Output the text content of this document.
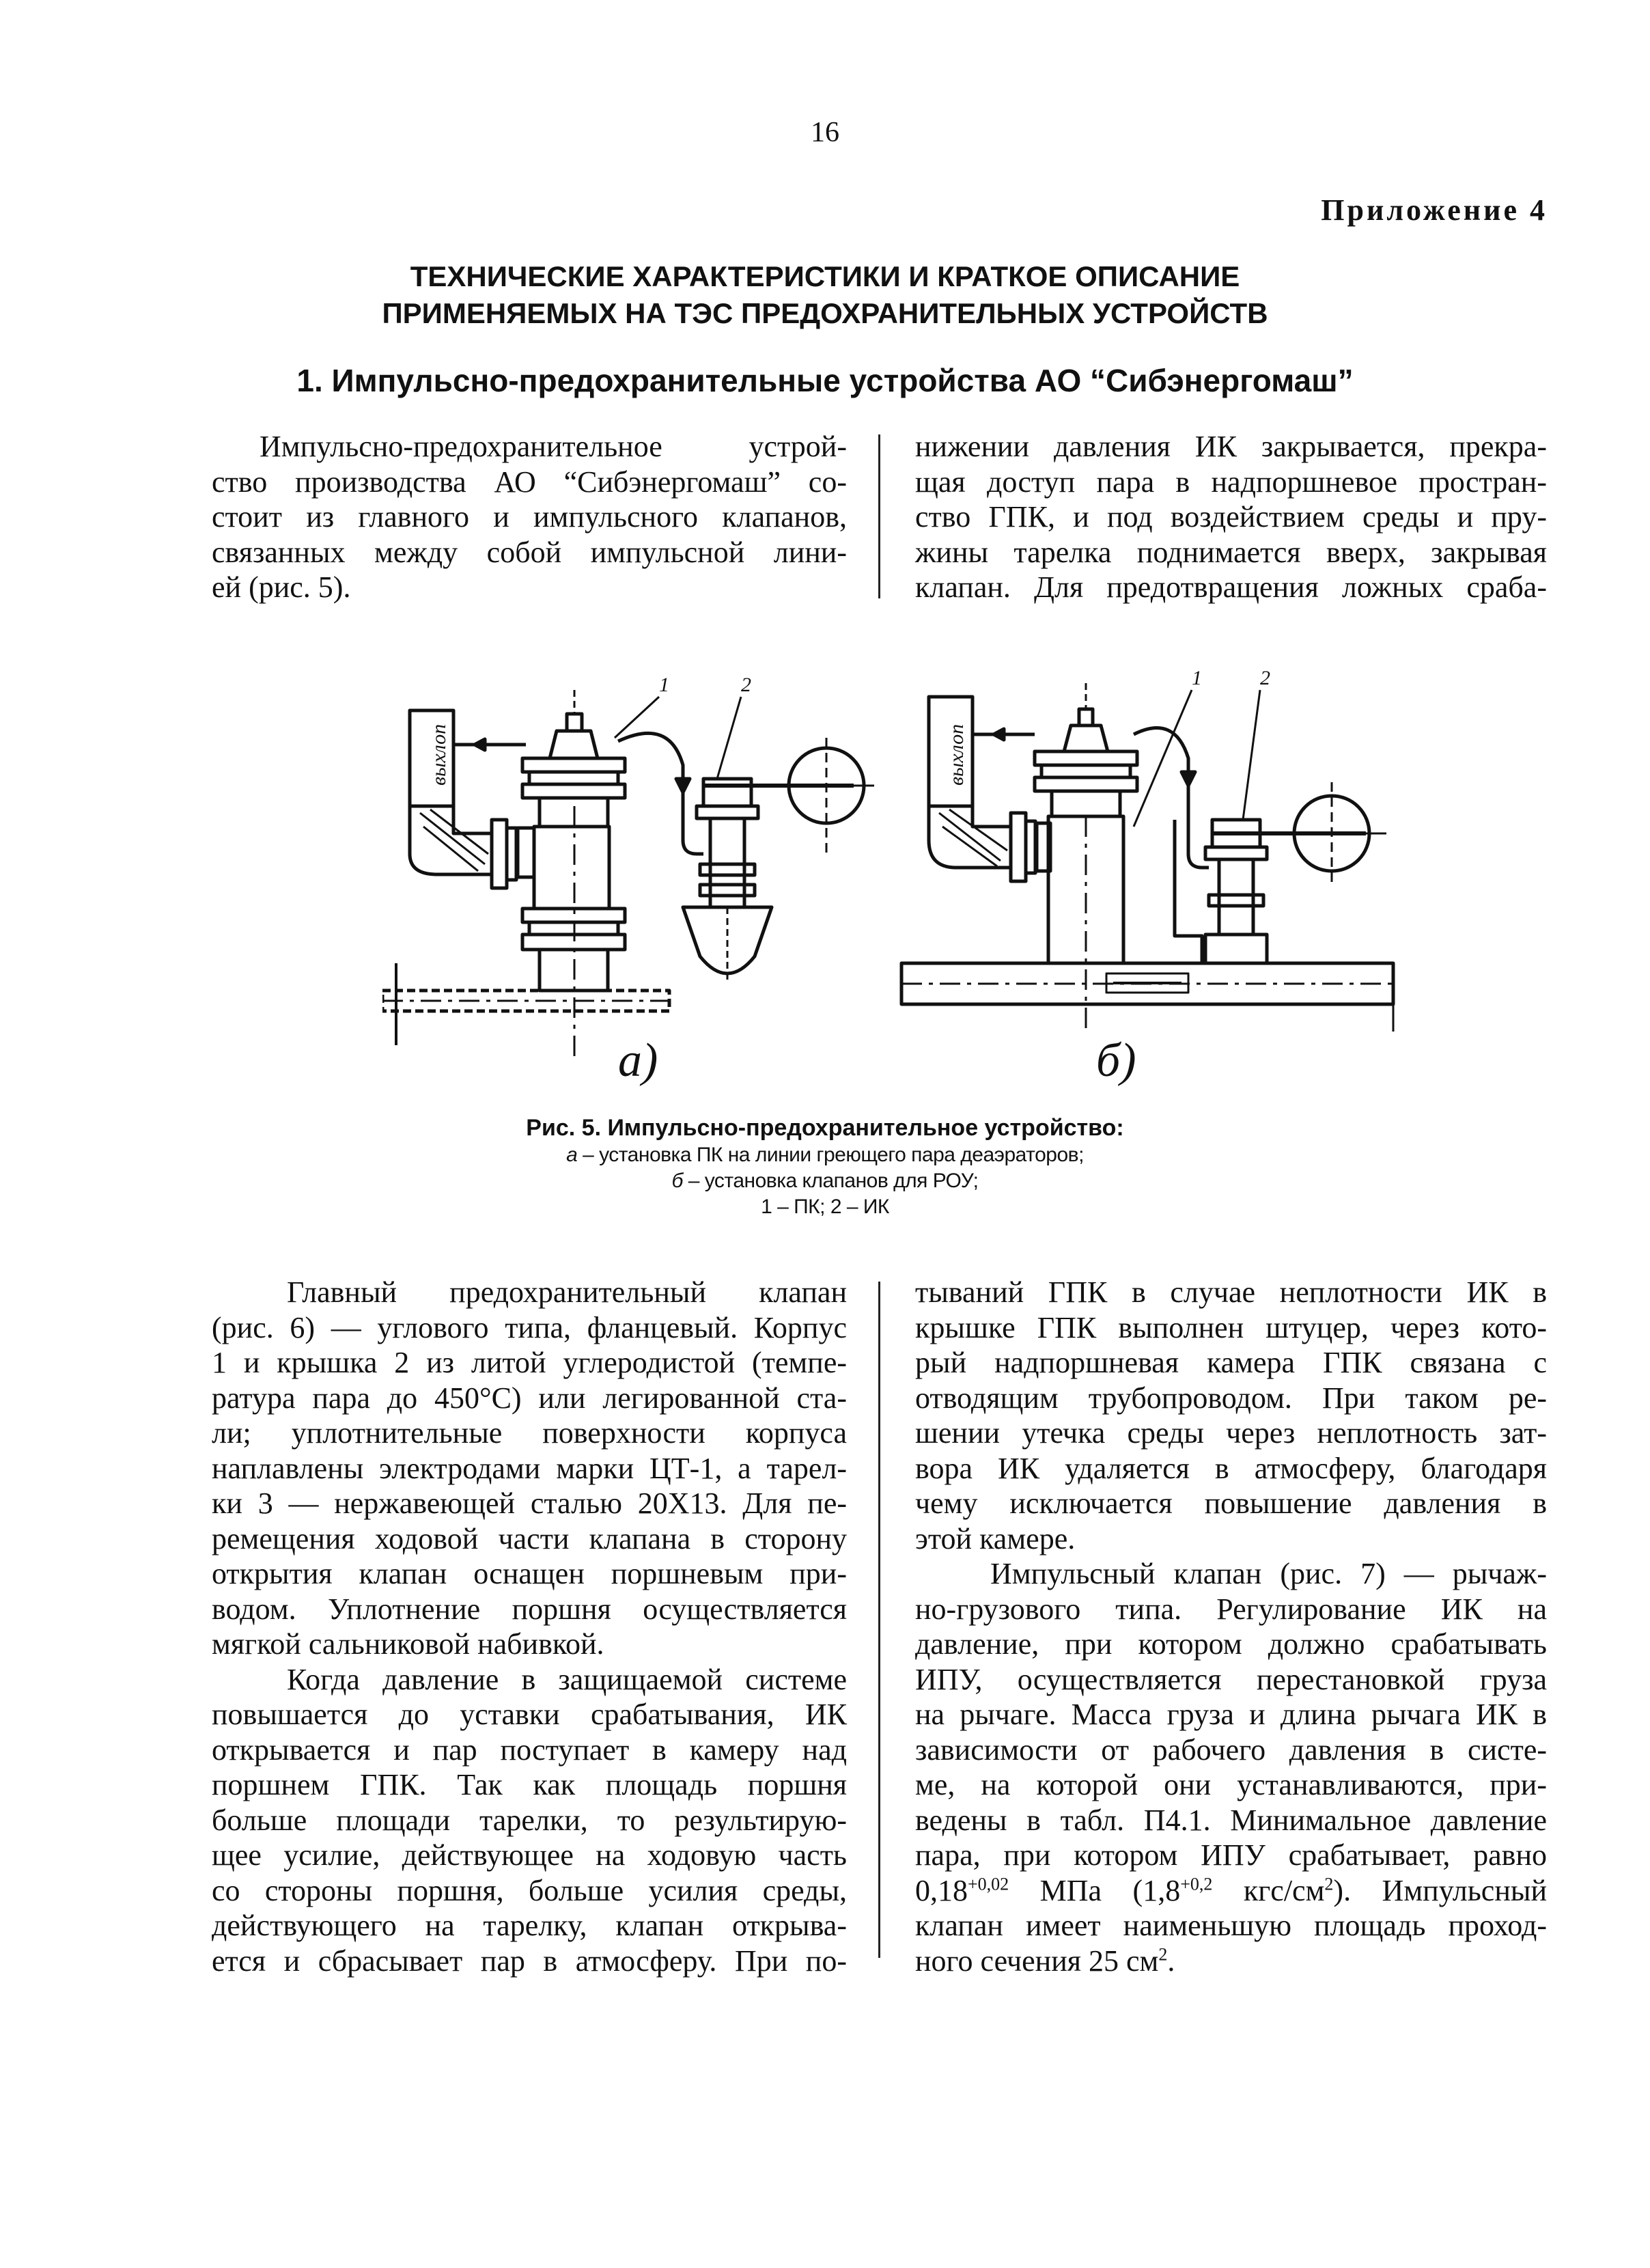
16
Приложение 4
ТЕХНИЧЕСКИЕ ХАРАКТЕРИСТИКИ И КРАТКОЕ ОПИСАНИЕ
ПРИМЕНЯЕМЫХ НА ТЭС ПРЕДОХРАНИТЕЛЬНЫХ УСТРОЙСТВ
1. Импульсно-предохранительные устройства АО “Сибэнергомаш”
Импульсно-предохранительное устрой-
ство производства АО “Сибэнергомаш” со-
стоит из главного и импульсного клапанов,
связанных между собой импульсной лини-
ей (рис. 5).
нижении давления ИК закрывается, прекра-
щая доступ пара в надпоршневое простран-
ство ГПК, и под воздействием среды и пру-
жины тарелка поднимается вверх, закрывая
клапан. Для предотвращения ложных сраба-
выхлоп	выхлоп
1	2	1	2
а)	б)
Рис. 5. Импульсно-предохранительное устройство:
а – установка ПК на линии греющего пара деаэраторов;
б – установка клапанов для РОУ;
1 – ПК; 2 – ИК
Главный предохранительный клапан
(рис. 6) — углового типа, фланцевый. Корпус
1 и крышка 2 из литой углеродистой (темпе-
ратура пара до 450°С) или легированной ста-
ли; уплотнительные поверхности корпуса
наплавлены электродами марки ЦТ-1, а тарел-
ки 3 — нержавеющей сталью 20Х13. Для пе-
ремещения ходовой части клапана в сторону
открытия клапан оснащен поршневым при-
водом. Уплотнение поршня осуществляется
мягкой сальниковой набивкой.
Когда давление в защищаемой системе
повышается до уставки срабатывания, ИК
открывается и пар поступает в камеру над
поршнем ГПК. Так как площадь поршня
больше площади тарелки, то результирую-
щее усилие, действующее на ходовую часть
со стороны поршня, больше усилия среды,
действующего на тарелку, клапан открыва-
ется и сбрасывает пар в атмосферу. При по-
тываний ГПК в случае неплотности ИК в
крышке ГПК выполнен штуцер, через кото-
рый надпоршневая камера ГПК связана с
отводящим трубопроводом. При таком ре-
шении утечка среды через неплотность зат-
вора ИК удаляется в атмосферу, благодаря
чему исключается повышение давления в
этой камере.
Импульсный клапан (рис. 7) — рычаж-
но-грузового типа. Регулирование ИК на
давление, при котором должно срабатывать
ИПУ, осуществляется перестановкой груза
на рычаге. Масса груза и длина рычага ИК в
зависимости от рабочего давления в систе-
ме, на которой они устанавливаются, при-
ведены в табл. П4.1. Минимальное давление
пара, при котором ИПУ срабатывает, равно
$0,18^{+0,02}$ МПа ($1,8^{+0,2}$ кгс/$см^2$). Импульсный
клапан имеет наименьшую площадь проход-
ного сечения 25 $см^2$.
